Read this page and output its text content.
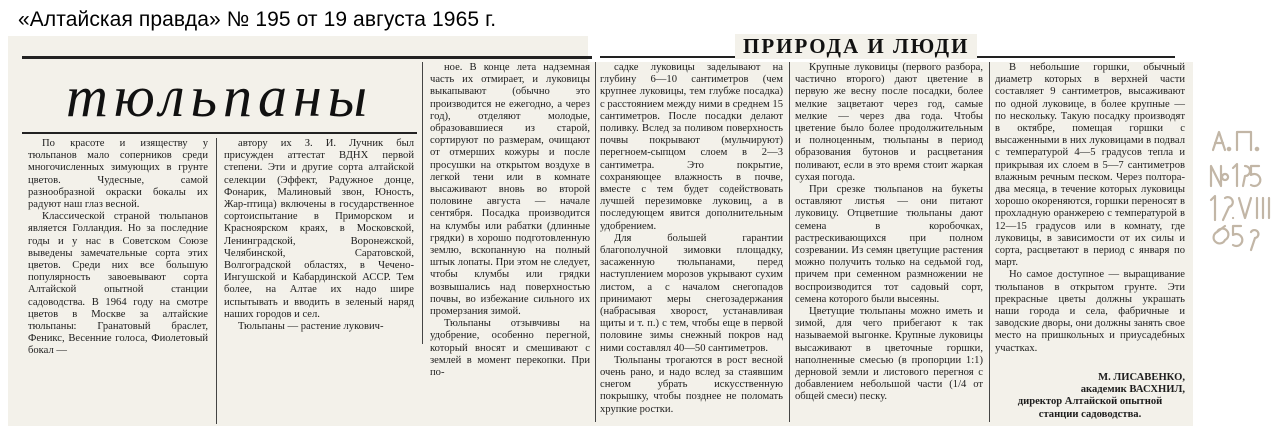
«Алтайская правда» № 195 от 19 августа 1965 г.
ПРИРОДА И ЛЮДИ
тюльпаны

По красоте и изяществу у тюльпанов мало соперников среди многочисленных зимующих в грунте цветов. Чудесные, самой разнообразной окраски бокалы их радуют наш глаз весной.

Классической страной тюльпанов является Голландия. Но за последние годы и у нас в Советском Союзе выведены замечательные сорта этих цветов. Среди них все большую популярность завоевывают сорта Алтайской опытной станции садоводства. В 1964 году на смотре цветов в Москве за алтайские тюльпаны: Гранатовый браслет, Феникс, Весенние голоса, Фиолетовый бокал —

автору их З. И. Лучник был присужден аттестат ВДНХ первой степени. Эти и другие сорта алтайской селекции (Эффект, Радужное донце, Фонарик, Малиновый звон, Юность, Жар-птица) включены в государственное сортоиспытание в Приморском и Красноярском краях, в Московской, Ленинградской, Воронежской, Челябинской, Саратовской, Волгоградской областях, в Чечено-Ингушской и Кабардинской АССР. Тем более, на Алтае их надо шире испытывать и вводить в зеленый наряд наших городов и сел.

Тюльпаны — растение лукович-

ное. В конце лета надземная часть их отмирает, и луковицы выкапывают (обычно это производится не ежегодно, а через год), отделяют молодые, образовавшиеся из старой, сортируют по размерам, очищают от отмерших кожуры и после просушки на открытом воздухе в легкой тени или в комнате высаживают вновь во второй половине августа — начале сентября. Посадка производится на клумбы или рабатки (длинные грядки) в хорошо подготовленную землю, вскопанную на полный штык лопаты. При этом не следует, чтобы клумбы или грядки возвышались над поверхностью почвы, во избежание сильного их промерзания зимой.

Тюльпаны отзывчивы на удобрение, особенно перегной, который вносят и смешивают с землей в момент перекопки. При по-

садке луковицы заделывают на глубину 6—10 сантиметров (чем крупнее луковицы, тем глубже посадка) с расстоянием между ними в среднем 15 сантиметров. После посадки делают поливку. Вслед за поливом поверхность почвы покрывают (мульчируют) перегноем-сыпцом слоем в 2—3 сантиметра. Это покрытие, сохраняющее влажность в почве, вместе с тем будет содействовать лучшей перезимовке луковиц, а в последующем явится дополнительным удобрением.

Для большей гарантии благополучной зимовки площадку, засаженную тюльпанами, перед наступлением морозов укрывают сухим листом, а с началом снегопадов принимают меры снегозадержания (набрасывая хворост, устанавливая щиты и т. п.) с тем, чтобы еще в первой половине зимы снежный покров над ними составлял 40—50 сантиметров.

Тюльпаны трогаются в рост весной очень рано, и надо вслед за стаявшим снегом убрать искусственную покрышку, чтобы позднее не поломать хрупкие ростки.

Крупные луковицы (первого разбора, частично второго) дают цветение в первую же весну после посадки, более мелкие зацветают через год, самые мелкие — через два года. Чтобы цветение было более продолжительным и полноценным, тюльпаны в период образования бутонов и расцветания поливают, если в это время стоит жаркая сухая погода.

При срезке тюльпанов на букеты оставляют листья — они питают луковицу. Отцветшие тюльпаны дают семена в коробочках, растрескивающихся при полном созревании. Из семян цветущие растения можно получить только на седьмой год, причем при семенном размножении не воспроизводится тот садовый сорт, семена которого были высеяны.

Цветущие тюльпаны можно иметь и зимой, для чего прибегают к так называемой выгонке. Крупные луковицы высаживают в цветочные горшки, наполненные смесью (в пропорции 1:1) дерновой земли и листового перегноя с добавлением небольшой части (1/4 от общей смеси) песку.

В небольшие горшки, обычный диаметр которых в верхней части составляет 9 сантиметров, высаживают по одной луковице, в более крупные — по нескольку. Такую посадку производят в октябре, помещая горшки с высаженными в них луковицами в подвал с температурой 4—5 градусов тепла и прикрывая их слоем в 5—7 сантиметров влажным речным песком. Через полтора-два месяца, в течение которых луковицы хорошо окореняются, горшки переносят в прохладную оранжерею с температурой в 12—15 градусов или в комнату, где луковицы, в зависимости от их силы и сорта, расцветают в период с января по март.

Но самое доступное — выращивание тюльпанов в открытом грунте. Эти прекрасные цветы должны украшать наши города и села, фабричные и заводские дворы, они должны занять свое место на пришкольных и приусадебных участках.

М. ЛИСАВЕНКО,
академик ВАСХНИЛ,
директор Алтайской опытной
станции садоводства.
